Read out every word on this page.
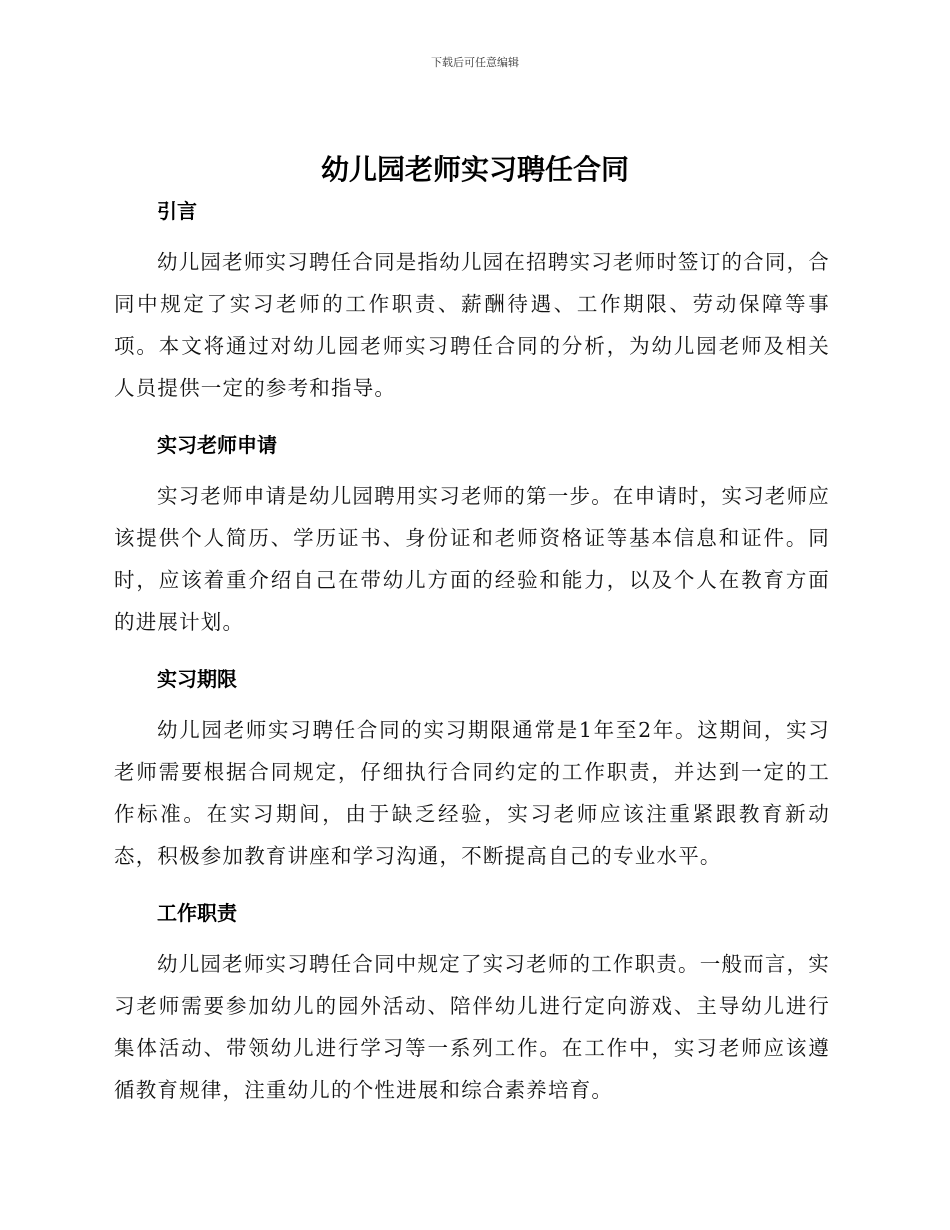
下载后可任意编辑
幼儿园老师实习聘任合同
引言

幼儿园老师实习聘任合同是指幼儿园在招聘实习老师时签订的合同，合同中规定了实习老师的工作职责、薪酬待遇、工作期限、劳动保障等事项。本文将通过对幼儿园老师实习聘任合同的分析，为幼儿园老师及相关人员提供一定的参考和指导。

实习老师申请

实习老师申请是幼儿园聘用实习老师的第一步。在申请时，实习老师应该提供个人简历、学历证书、身份证和老师资格证等基本信息和证件。同时，应该着重介绍自己在带幼儿方面的经验和能力，以及个人在教育方面的进展计划。

实习期限

幼儿园老师实习聘任合同的实习期限通常是1年至2年。这期间，实习老师需要根据合同规定，仔细执行合同约定的工作职责，并达到一定的工作标准。在实习期间，由于缺乏经验，实习老师应该注重紧跟教育新动态，积极参加教育讲座和学习沟通，不断提高自己的专业水平。

工作职责

幼儿园老师实习聘任合同中规定了实习老师的工作职责。一般而言，实习老师需要参加幼儿的园外活动、陪伴幼儿进行定向游戏、主导幼儿进行集体活动、带领幼儿进行学习等一系列工作。在工作中，实习老师应该遵循教育规律，注重幼儿的个性进展和综合素养培育。
